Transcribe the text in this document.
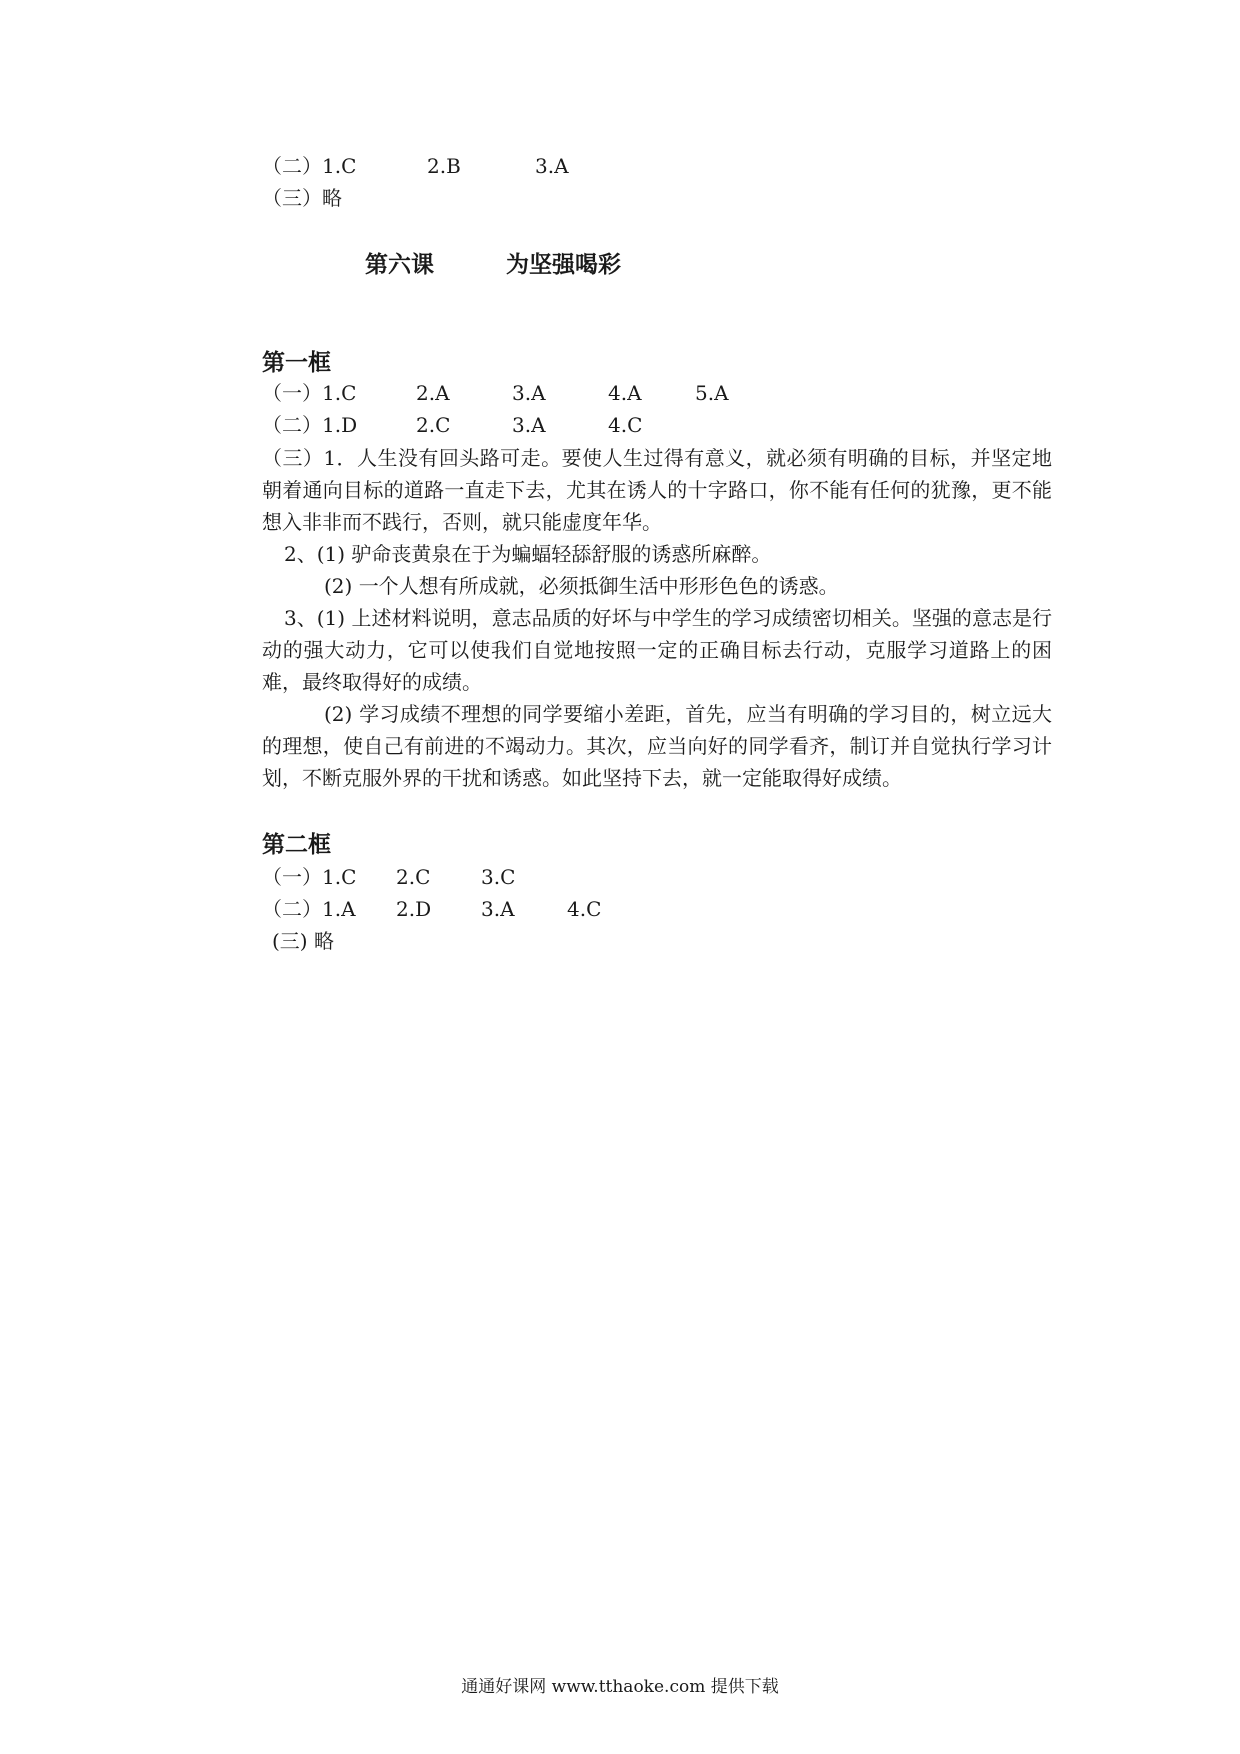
（二）1.C	2.B	3.A
（三）略
第六课	为坚强喝彩
第一框
（一）1.C	2.A	3.A	4.A	5.A
（二）1.D	2.C	3.A	4.C
（三）1．人生没有回头路可走。要使人生过得有意义，就必须有明确的目标，并坚定地朝着通向目标的道路一直走下去，尤其在诱人的十字路口，你不能有任何的犹豫，更不能想入非非而不践行，否则，就只能虚度年华。
2、(1) 驴命丧黄泉在于为蝙蝠轻舔舒服的诱惑所麻醉。
(2) 一个人想有所成就，必须抵御生活中形形色色的诱惑。
3、(1) 上述材料说明，意志品质的好坏与中学生的学习成绩密切相关。坚强的意志是行动的强大动力，它可以使我们自觉地按照一定的正确目标去行动，克服学习道路上的困难，最终取得好的成绩。
(2) 学习成绩不理想的同学要缩小差距，首先，应当有明确的学习目的，树立远大的理想，使自己有前进的不竭动力。其次，应当向好的同学看齐，制订并自觉执行学习计划，不断克服外界的干扰和诱惑。如此坚持下去，就一定能取得好成绩。
第二框
（一）1.C 2.C	3.C
（二）1.A 2.D 3.A	4.C
(三) 略
通通好课网 www.tthaoke.com 提供下载
